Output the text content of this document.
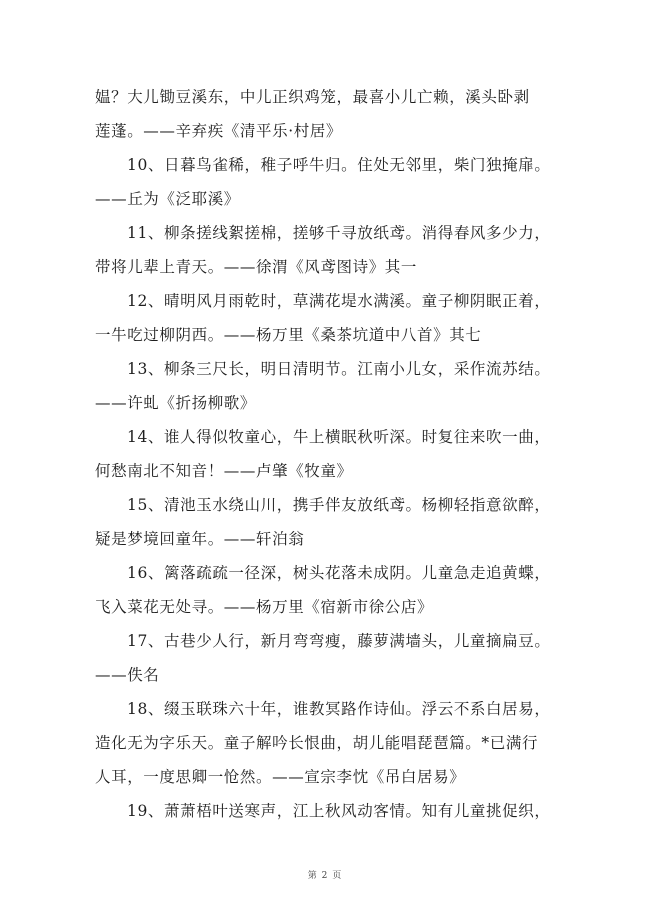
媪？大儿锄豆溪东，中儿正织鸡笼，最喜小儿亡赖，溪头卧剥
莲蓬。——辛弃疾《清平乐·村居》
10、日暮鸟雀稀，稚子呼牛归。住处无邻里，柴门独掩扉。
——丘为《泛耶溪》
11、柳条搓线絮搓棉，搓够千寻放纸鸢。消得春风多少力，
带将儿辈上青天。——徐渭《风鸢图诗》其一
12、晴明风月雨乾时，草满花堤水满溪。童子柳阴眠正着，
一牛吃过柳阴西。——杨万里《桑茶坑道中八首》其七
13、柳条三尺长，明日清明节。江南小儿女，采作流苏结。
——许虬《折扬柳歌》
14、谁人得似牧童心，牛上横眠秋听深。时复往来吹一曲，
何愁南北不知音！——卢肇《牧童》
15、清池玉水绕山川，携手伴友放纸鸢。杨柳轻指意欲醉，
疑是梦境回童年。——轩泊翁
16、篱落疏疏一径深，树头花落未成阴。儿童急走追黄蝶，
飞入菜花无处寻。——杨万里《宿新市徐公店》
17、古巷少人行，新月弯弯瘦，藤萝满墙头，儿童摘扁豆。
——佚名
18、缀玉联珠六十年，谁教冥路作诗仙。浮云不系白居易，
造化无为字乐天。童子解吟长恨曲，胡儿能唱琵琶篇。*已满行
人耳，一度思卿一怆然。——宣宗李忱《吊白居易》
19、萧萧梧叶送寒声，江上秋风动客情。知有儿童挑促织，
第 2 页
